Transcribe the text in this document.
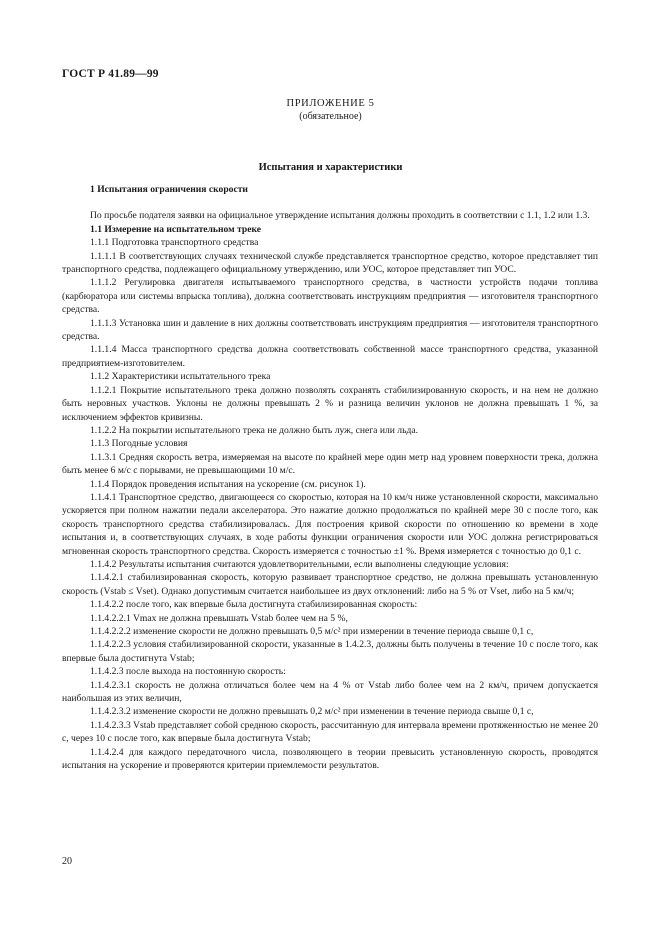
ГОСТ Р 41.89—99
ПРИЛОЖЕНИЕ 5
(обязательное)
Испытания и характеристики

1 Испытания ограничения скорости

По просьбе подателя заявки на официальное утверждение испытания должны проходить в соответствии с 1.1, 1.2 или 1.3.

1.1 Измерение на испытательном треке

1.1.1 Подготовка транспортного средства

1.1.1.1 В соответствующих случаях технической службе представляется транспортное средство, которое представляет тип транспортного средства, подлежащего официальному утверждению, или УОС, которое представляет тип УОС.

1.1.1.2 Регулировка двигателя испытываемого транспортного средства, в частности устройств подачи топлива (карбюратора или системы впрыска топлива), должна соответствовать инструкциям предприятия — изготовителя транспортного средства.

1.1.1.3 Установка шин и давление в них должны соответствовать инструкциям предприятия — изготовителя транспортного средства.

1.1.1.4 Масса транспортного средства должна соответствовать собственной массе транспортного средства, указанной предприятием-изготовителем.

1.1.2 Характеристики испытательного трека

1.1.2.1 Покрытие испытательного трека должно позволять сохранять стабилизированную скорость, и на нем не должно быть неровных участков. Уклоны не должны превышать 2 % и разница величин уклонов не должна превышать 1 %, за исключением эффектов кривизны.

1.1.2.2 На покрытии испытательного трека не должно быть луж, снега или льда.

1.1.3 Погодные условия

1.1.3.1 Средняя скорость ветра, измеряемая на высоте по крайней мере один метр над уровнем поверхности трека, должна быть менее 6 м/с с порывами, не превышающими 10 м/с.

1.1.4 Порядок проведения испытания на ускорение (см. рисунок 1).

1.1.4.1 Транспортное средство, двигающееся со скоростью, которая на 10 км/ч ниже установленной скорости, максимально ускоряется при полном нажатии педали акселератора. Это нажатие должно продолжаться по крайней мере 30 с после того, как скорость транспортного средства стабилизировалась. Для построения кривой скорости по отношению ко времени в ходе испытания и, в соответствующих случаях, в ходе работы функции ограничения скорости или УОС должна регистрироваться мгновенная скорость транспортного средства. Скорость измеряется с точностью ±1 %. Время измеряется с точностью до 0,1 с.

1.1.4.2 Результаты испытания считаются удовлетворительными, если выполнены следующие условия:

1.1.4.2.1 стабилизированная скорость, которую развивает транспортное средство, не должна превышать установленную скорость (Vstab ≤ Vset). Однако допустимым считается наибольшее из двух отклонений: либо на 5 % от Vset, либо на 5 км/ч;

1.1.4.2.2 после того, как впервые была достигнута стабилизированная скорость:

1.1.4.2.2.1 Vmax не должна превышать Vstab более чем на 5 %,

1.1.4.2.2.2 изменение скорости не должно превышать 0,5 м/с² при измерении в течение периода свыше 0,1 с,

1.1.4.2.2.3 условия стабилизированной скорости, указанные в 1.4.2.3, должны быть получены в течение 10 с после того, как впервые была достигнута Vstab;

1.1.4.2.3 после выхода на постоянную скорость:

1.1.4.2.3.1 скорость не должна отличаться более чем на 4 % от Vstab либо более чем на 2 км/ч, причем допускается наибольшая из этих величин,

1.1.4.2.3.2 изменение скорости не должно превышать 0,2 м/с² при изменении в течение периода свыше 0,1 с,

1.1.4.2.3.3 Vstab представляет собой среднюю скорость, рассчитанную для интервала времени протяженностью не менее 20 с, через 10 с после того, как впервые была достигнута Vstab;

1.1.4.2.4 для каждого передаточного числа, позволяющего в теории превысить установленную скорость, проводятся испытания на ускорение и проверяются критерии приемлемости результатов.

20
